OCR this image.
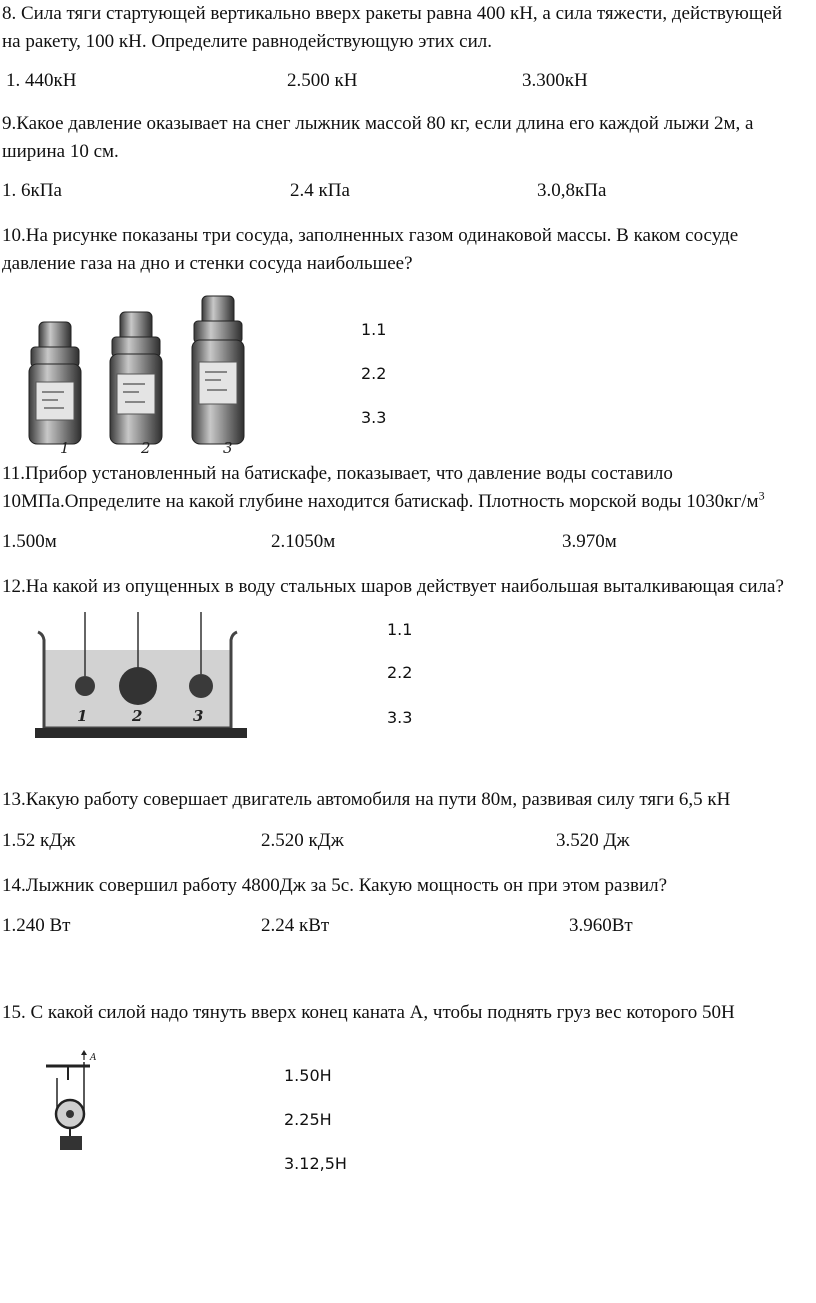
8. Сила тяги стартующей вертикально вверх ракеты равна 400 кН, а сила тяжести, действующей на ракету, 100 кН. Определите равнодействующую этих сил.

1. 440кН	2.500 кН	3.300кН

9.Какое давление оказывает на снег лыжник массой 80 кг, если длина его каждой лыжи 2м, а ширина 10 см.

1. 6кПа	2.4 кПа	3.0,8кПа

10.На рисунке показаны три сосуда, заполненных газом одинаковой массы. В каком сосуде давление газа на дно и стенки сосуда наибольшее?

1	2	3
1.1
2.2
3.3

11.Прибор установленный на батискафе, показывает, что давление воды составило 10МПа.Определите на какой глубине находится батискаф. Плотность морской воды $1030кг/м^3$

1.500м	2.1050м	3.970м

12.На какой из опущенных в воду стальных шаров действует наибольшая выталкивающая сила?

1	2	3
1.1
2.2
3.3

13.Какую работу совершает двигатель автомобиля на пути 80м, развивая силу тяги 6,5 кН

1.52 кДж	2.520 кДж	3.520 Дж

14.Лыжник совершил работу 4800Дж за 5с. Какую мощность он при этом развил?

1.240 Вт	2.24 кВт	3.960Вт

15. С какой силой надо тянуть вверх конец каната А, чтобы поднять груз вес которого 50Н

A
1.50Н
2.25Н
3.12,5Н
